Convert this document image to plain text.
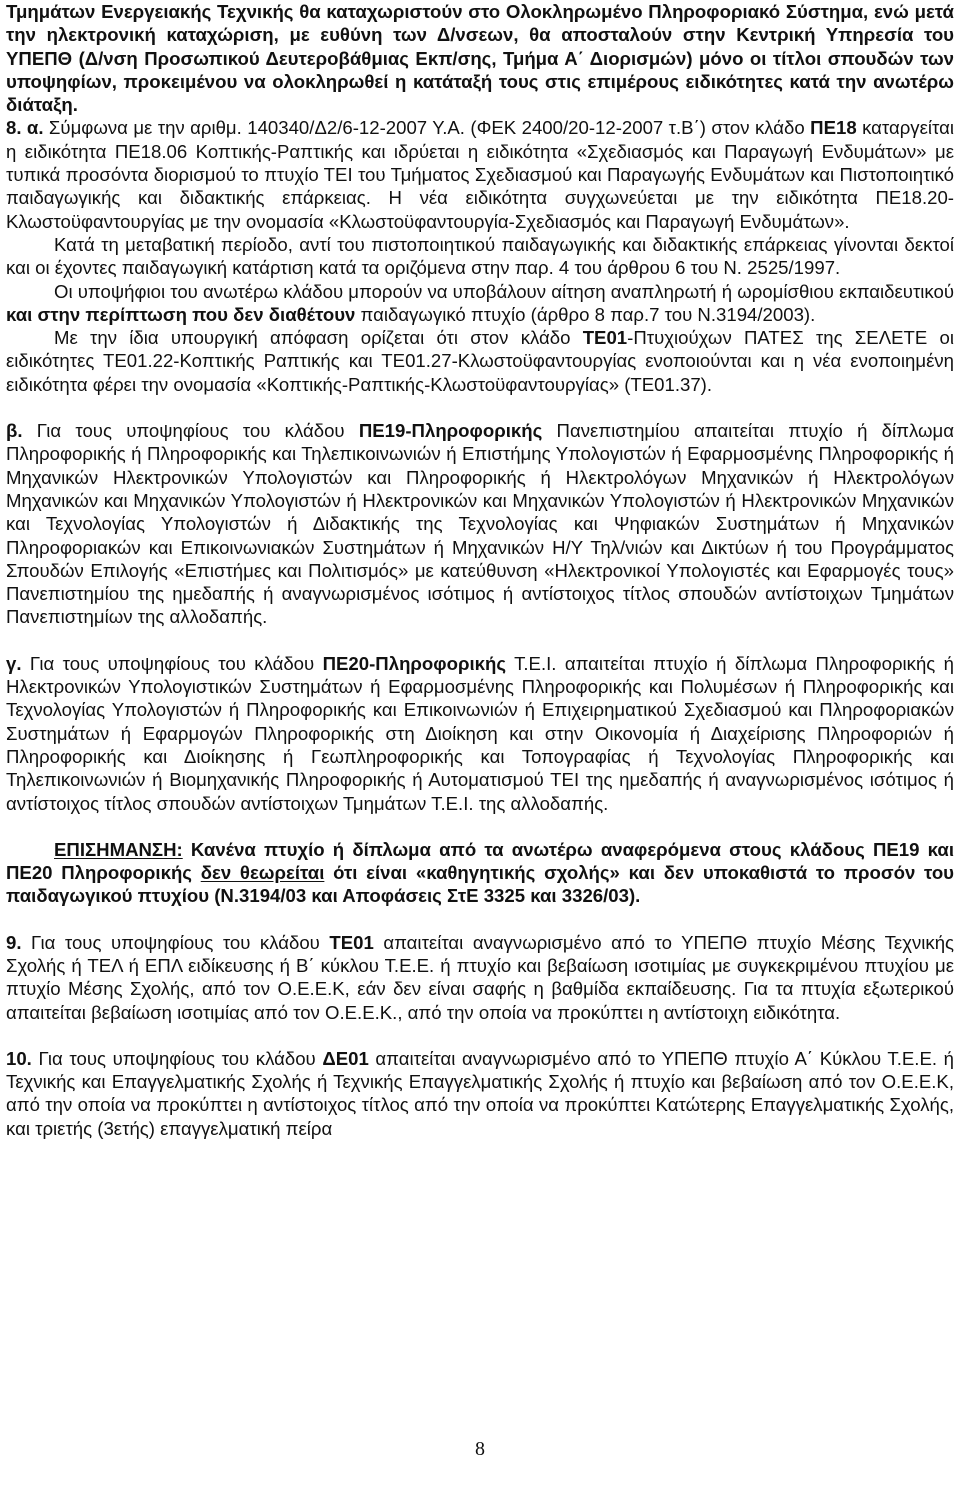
Τμημάτων Ενεργειακής Τεχνικής θα καταχωριστούν στο Ολοκληρωμένο Πληροφοριακό Σύστημα, ενώ μετά την ηλεκτρονική καταχώριση, με ευθύνη των Δ/νσεων, θα αποσταλούν στην Κεντρική Υπηρεσία του ΥΠΕΠΘ (Δ/νση Προσωπικού Δευτεροβάθμιας Εκπ/σης, Τμήμα Α΄ Διορισμών) μόνο οι τίτλοι σπουδών των υποψηφίων, προκειμένου να ολοκληρωθεί η κατάταξή τους στις επιμέρους ειδικότητες κατά την ανωτέρω διάταξη.

8. α. Σύμφωνα με την αριθμ. 140340/Δ2/6-12-2007 Υ.Α. (ΦΕΚ 2400/20-12-2007 τ.Β΄) στον κλάδο ΠΕ18 καταργείται η ειδικότητα ΠΕ18.06 Κοπτικής-Ραπτικής και ιδρύεται η ειδικότητα «Σχεδιασμός και Παραγωγή Ενδυμάτων» με τυπικά προσόντα διορισμού το πτυχίο ΤΕΙ του Τμήματος Σχεδιασμού και Παραγωγής Ενδυμάτων και Πιστοποιητικό παιδαγωγικής και διδακτικής επάρκειας. Η νέα ειδικότητα συγχωνεύεται με την ειδικότητα ΠΕ18.20-Κλωστοϋφαντουργίας με την ονομασία «Κλωστοϋφαντουργία-Σχεδιασμός και Παραγωγή Ενδυμάτων».

Κατά τη μεταβατική περίοδο, αντί του πιστοποιητικού παιδαγωγικής και διδακτικής επάρκειας γίνονται δεκτοί και οι έχοντες παιδαγωγική κατάρτιση κατά τα οριζόμενα στην παρ. 4 του άρθρου 6 του Ν. 2525/1997.

Οι υποψήφιοι του ανωτέρω κλάδου μπορούν να υποβάλουν αίτηση αναπληρωτή ή ωρομίσθιου εκπαιδευτικού και στην περίπτωση που δεν διαθέτουν παιδαγωγικό πτυχίο (άρθρο 8 παρ.7 του Ν.3194/2003).

Με την ίδια υπουργική απόφαση ορίζεται ότι στον κλάδο ΤΕ01-Πτυχιούχων ΠΑΤΕΣ της ΣΕΛΕΤΕ οι ειδικότητες ΤΕ01.22-Κοπτικής Ραπτικής και ΤΕ01.27-Κλωστοϋφαντουργίας ενοποιούνται και η νέα ενοποιημένη ειδικότητα φέρει την ονομασία «Κοπτικής-Ραπτικής-Κλωστοϋφαντουργίας» (ΤΕ01.37).

β. Για τους υποψηφίους του κλάδου ΠΕ19-Πληροφορικής Πανεπιστημίου απαιτείται πτυχίο ή δίπλωμα Πληροφορικής ή Πληροφορικής και Τηλεπικοινωνιών ή Επιστήμης Υπολογιστών ή Εφαρμοσμένης Πληροφορικής ή Μηχανικών Ηλεκτρονικών Υπολογιστών και Πληροφορικής ή Ηλεκτρολόγων Μηχανικών ή Ηλεκτρολόγων Μηχανικών και Μηχανικών Υπολογιστών ή Ηλεκτρονικών και Μηχανικών Υπολογιστών ή Ηλεκτρονικών Μηχανικών και Τεχνολογίας Υπολογιστών ή Διδακτικής της Τεχνολογίας και Ψηφιακών Συστημάτων ή Μηχανικών Πληροφοριακών και Επικοινωνιακών Συστημάτων ή Μηχανικών Η/Υ Τηλ/νιών και Δικτύων ή του Προγράμματος Σπουδών Επιλογής «Επιστήμες και Πολιτισμός» με κατεύθυνση «Ηλεκτρονικοί Υπολογιστές και Εφαρμογές τους» Πανεπιστημίου της ημεδαπής ή αναγνωρισμένος ισότιμος ή αντίστοιχος τίτλος σπουδών αντίστοιχων Τμημάτων Πανεπιστημίων της αλλοδαπής.

γ. Για τους υποψηφίους του κλάδου ΠΕ20-Πληροφορικής Τ.Ε.Ι. απαιτείται πτυχίο ή δίπλωμα Πληροφορικής ή Ηλεκτρονικών Υπολογιστικών Συστημάτων ή Εφαρμοσμένης Πληροφορικής και Πολυμέσων ή Πληροφορικής και Τεχνολογίας Υπολογιστών ή Πληροφορικής και Επικοινωνιών ή Επιχειρηματικού Σχεδιασμού και Πληροφοριακών Συστημάτων ή Εφαρμογών Πληροφορικής στη Διοίκηση και στην Οικονομία ή Διαχείρισης Πληροφοριών ή Πληροφορικής και Διοίκησης ή Γεωπληροφορικής και Τοπογραφίας ή Τεχνολογίας Πληροφορικής και Τηλεπικοινωνιών ή Βιομηχανικής Πληροφορικής ή Αυτοματισμού ΤΕΙ της ημεδαπής ή αναγνωρισμένος ισότιμος ή αντίστοιχος τίτλος σπουδών αντίστοιχων Τμημάτων Τ.Ε.Ι. της αλλοδαπής.

ΕΠΙΣΗΜΑΝΣΗ: Κανένα πτυχίο ή δίπλωμα από τα ανωτέρω αναφερόμενα στους κλάδους ΠΕ19 και ΠΕ20 Πληροφορικής δεν θεωρείται ότι είναι «καθηγητικής σχολής» και δεν υποκαθιστά το προσόν του παιδαγωγικού πτυχίου (Ν.3194/03 και Αποφάσεις ΣτΕ 3325 και 3326/03).

9. Για τους υποψηφίους του κλάδου ΤΕ01 απαιτείται αναγνωρισμένο από το ΥΠΕΠΘ πτυχίο Μέσης Τεχνικής Σχολής ή ΤΕΛ ή ΕΠΛ ειδίκευσης ή Β΄ κύκλου Τ.Ε.Ε. ή πτυχίο και βεβαίωση ισοτιμίας με συγκεκριμένου πτυχίου με πτυχίο Μέσης Σχολής, από τον Ο.Ε.Ε.Κ, εάν δεν είναι σαφής η βαθμίδα εκπαίδευσης. Για τα πτυχία εξωτερικού απαιτείται βεβαίωση ισοτιμίας από τον Ο.Ε.Ε.Κ., από την οποία να προκύπτει η αντίστοιχη ειδικότητα.

10. Για τους υποψηφίους του κλάδου ΔΕ01 απαιτείται αναγνωρισμένο από το ΥΠΕΠΘ πτυχίο Α΄ Κύκλου Τ.Ε.Ε. ή Τεχνικής και Επαγγελματικής Σχολής ή Τεχνικής Επαγγελματικής Σχολής ή πτυχίο και βεβαίωση από τον Ο.Ε.Ε.Κ, από την οποία να προκύπτει η αντίστοιχος τίτλος από την οποία να προκύπτει Κατώτερης Επαγγελματικής Σχολής, και τριετής (3ετής) επαγγελματική πείρα

8
